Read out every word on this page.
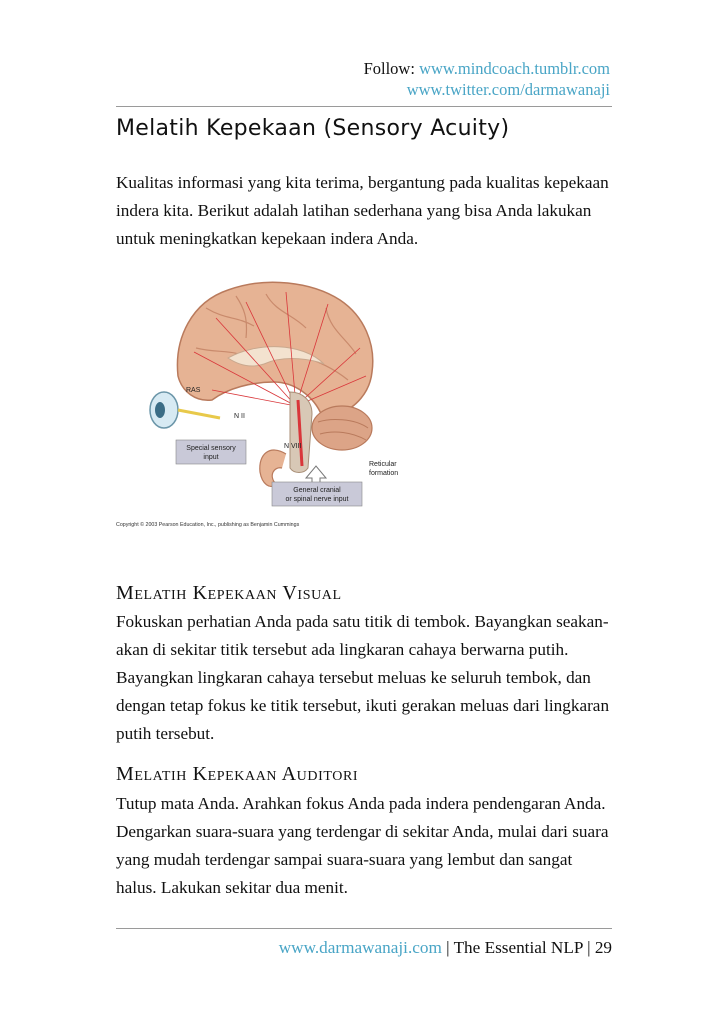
Follow: www.mindcoach.tumblr.com
www.twitter.com/darmawanaji
Melatih Kepekaan (Sensory Acuity)

Kualitas informasi yang kita terima, bergantung pada kualitas kepekaan indera kita. Berikut adalah latihan sederhana yang bisa Anda lakukan untuk meningkatkan kepekaan indera Anda.

RAS
N II
N VIII
Special sensory
input
Reticular
formation
General cranial
or spinal nerve input
Copyright © 2003 Pearson Education, Inc., publishing as Benjamin Cummings
Melatih Kepekaan Visual

Fokuskan perhatian Anda pada satu titik di tembok. Bayangkan seakan-akan di sekitar titik tersebut ada lingkaran cahaya berwarna putih. Bayangkan lingkaran cahaya tersebut meluas ke seluruh tembok, dan dengan tetap fokus ke titik tersebut, ikuti gerakan meluas dari lingkaran putih tersebut.

Melatih Kepekaan Auditori

Tutup mata Anda. Arahkan fokus Anda pada indera pendengaran Anda. Dengarkan suara-suara yang terdengar di sekitar Anda, mulai dari suara yang mudah terdengar sampai suara-suara yang lembut dan sangat halus. Lakukan sekitar dua menit.

www.darmawanaji.com | The Essential NLP | 29
